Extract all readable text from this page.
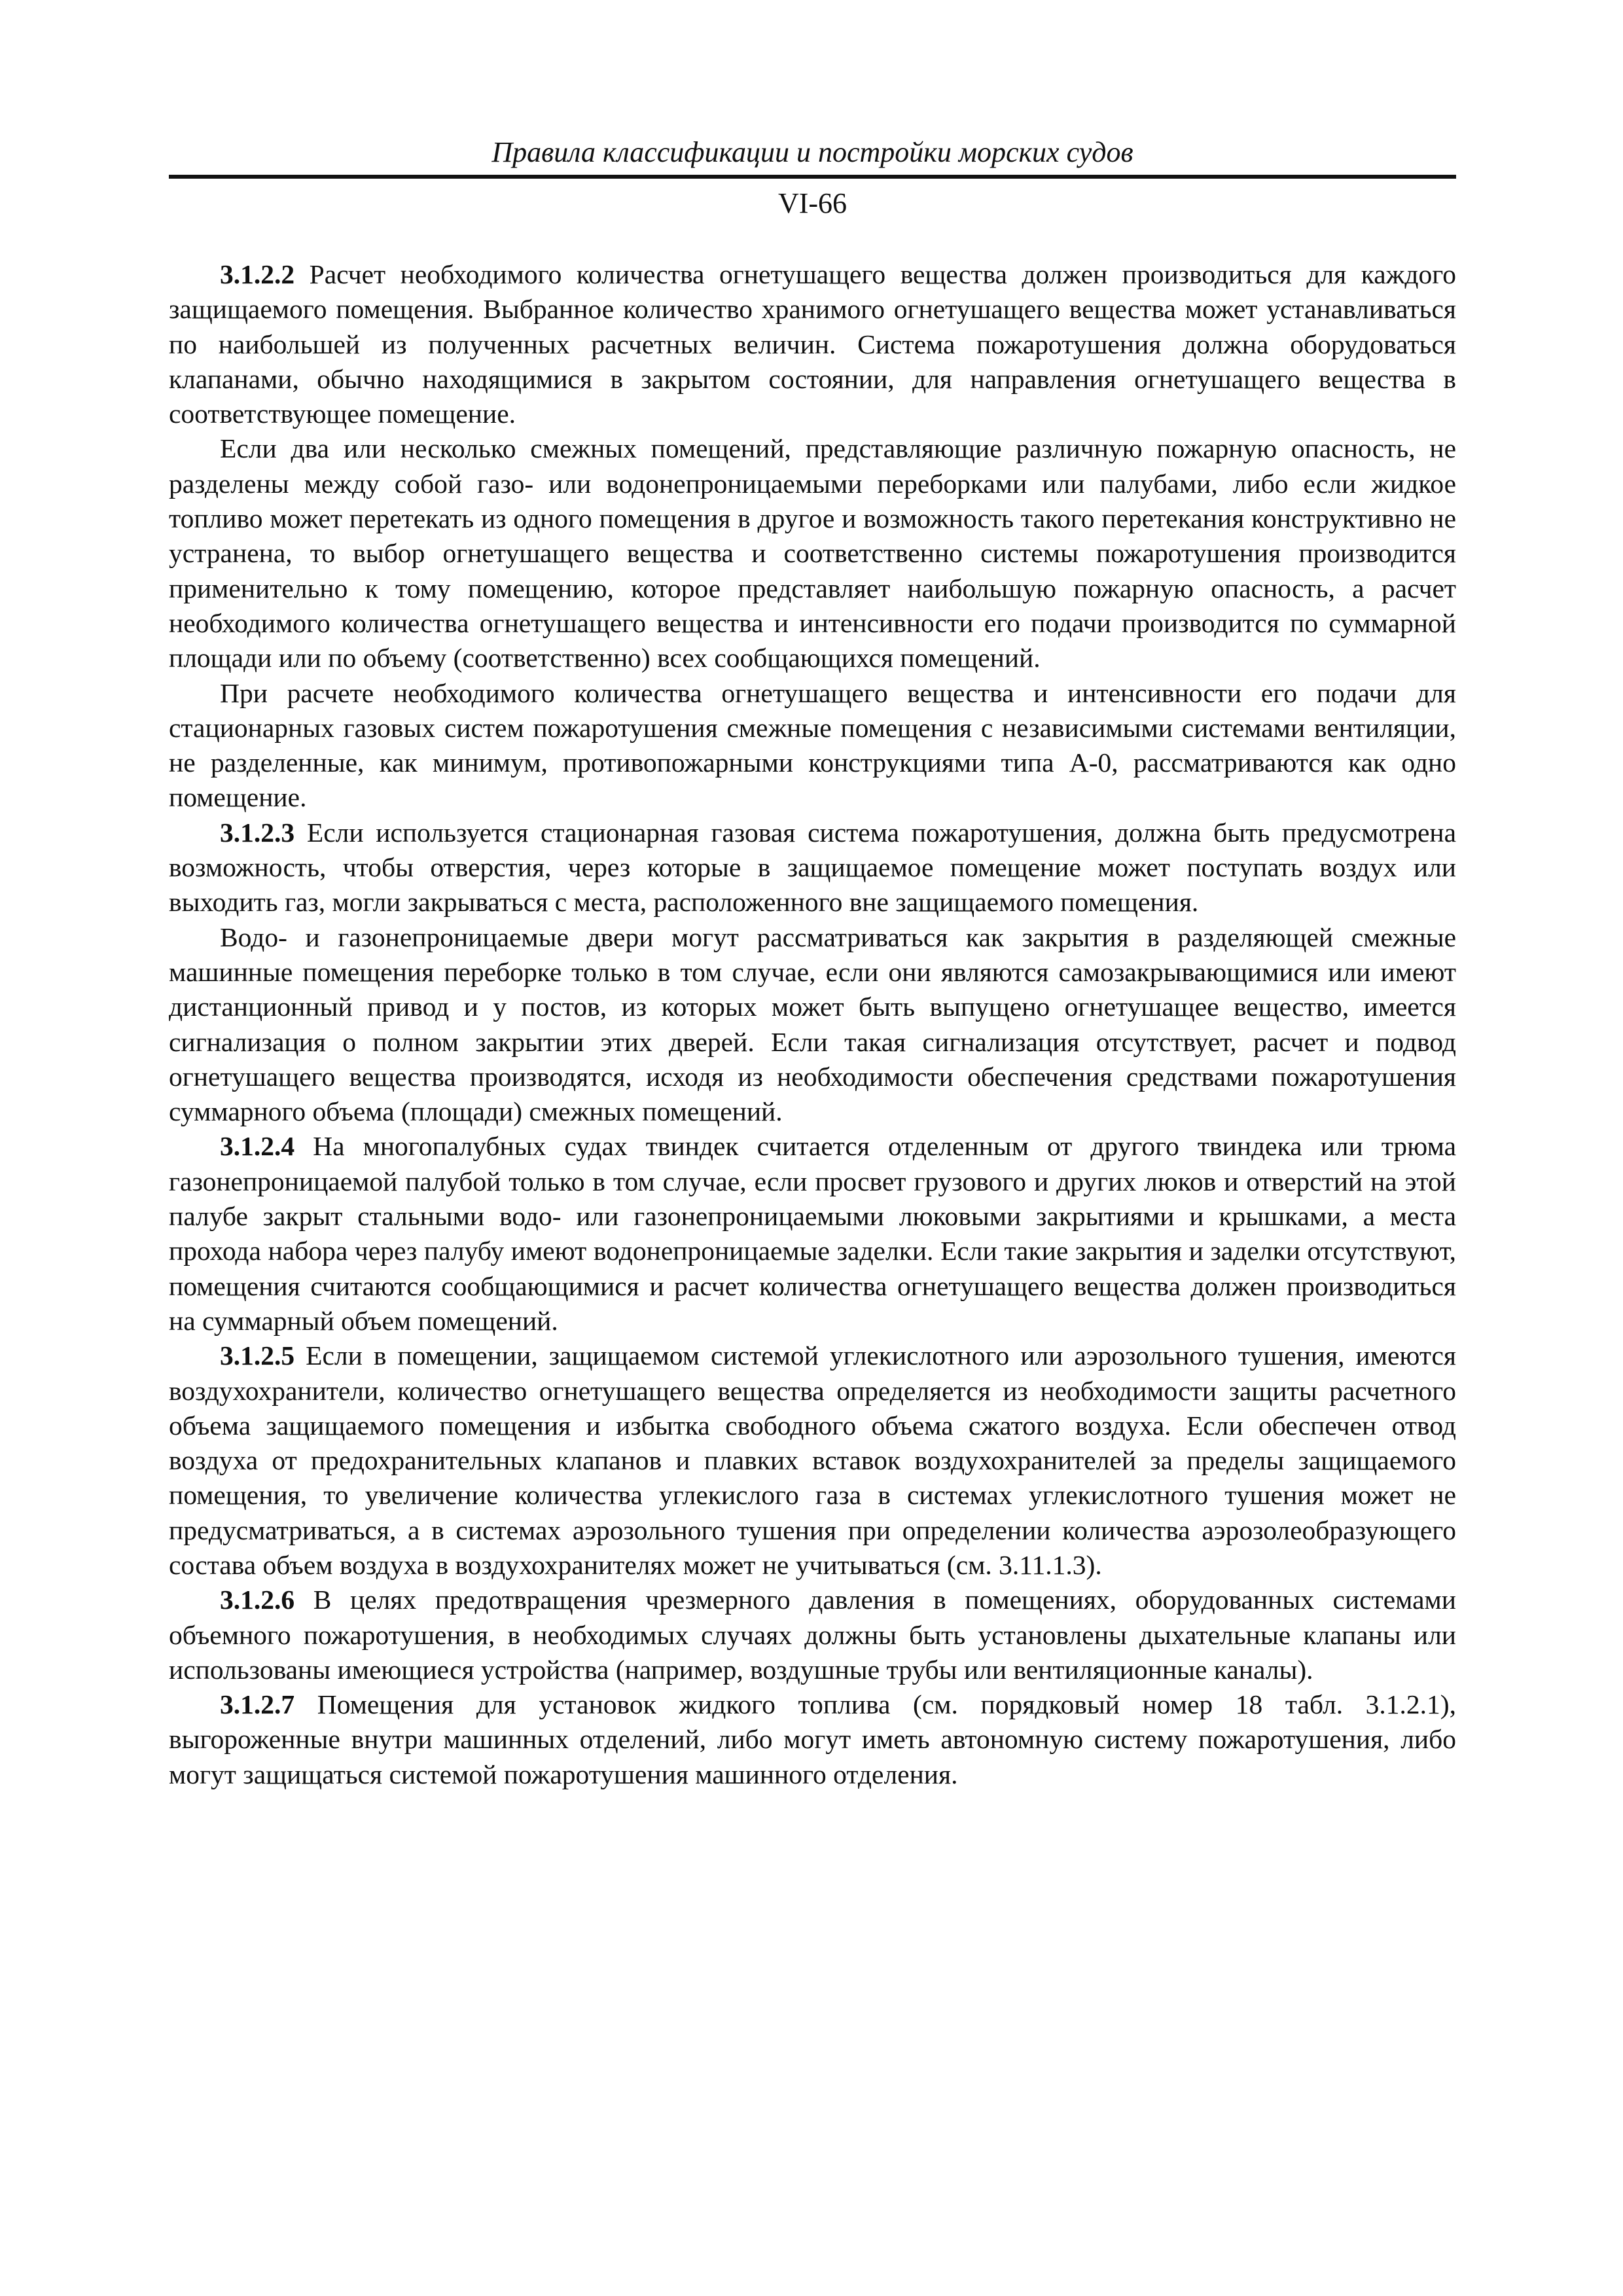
Правила классификации и постройки морских судов
VI-66

3.1.2.2 Расчет необходимого количества огнетушащего вещества должен производиться для каждого защищаемого помещения. Выбранное количество хранимого огнетушащего вещества может устанавливаться по наибольшей из полученных расчетных величин. Система пожаротушения должна оборудоваться клапанами, обычно находящимися в закрытом состоянии, для направления огнетушащего вещества в соответствующее помещение.

Если два или несколько смежных помещений, представляющие различную пожарную опасность, не разделены между собой газо- или водонепроницаемыми переборками или палубами, либо если жидкое топливо может перетекать из одного помещения в другое и возможность такого перетекания конструктивно не устранена, то выбор огнетушащего вещества и соответственно системы пожаротушения производится применительно к тому помещению, которое представляет наибольшую пожарную опасность, а расчет необходимого количества огнетушащего вещества и интенсивности его подачи производится по суммарной площади или по объему (соответственно) всех сообщающихся помещений.

При расчете необходимого количества огнетушащего вещества и интенсивности его подачи для стационарных газовых систем пожаротушения смежные помещения с независимыми системами вентиляции, не разделенные, как минимум, противопожарными конструкциями типа А-0, рассматриваются как одно помещение.

3.1.2.3 Если используется стационарная газовая система пожаротушения, должна быть предусмотрена возможность, чтобы отверстия, через которые в защищаемое помещение может поступать воздух или выходить газ, могли закрываться с места, расположенного вне защищаемого помещения.

Водо- и газонепроницаемые двери могут рассматриваться как закрытия в разделяющей смежные машинные помещения переборке только в том случае, если они являются самозакрывающимися или имеют дистанционный привод и у постов, из которых может быть выпущено огнетушащее вещество, имеется сигнализация о полном закрытии этих дверей. Если такая сигнализация отсутствует, расчет и подвод огнетушащего вещества производятся, исходя из необходимости обеспечения средствами пожаротушения суммарного объема (площади) смежных помещений.

3.1.2.4 На многопалубных судах твиндек считается отделенным от другого твиндека или трюма газонепроницаемой палубой только в том случае, если просвет грузового и других люков и отверстий на этой палубе закрыт стальными водо- или газонепроницаемыми люковыми закрытиями и крышками, а места прохода набора через палубу имеют водонепроницаемые заделки. Если такие закрытия и заделки отсутствуют, помещения считаются сообщающимися и расчет количества огнетушащего вещества должен производиться на суммарный объем помещений.

3.1.2.5 Если в помещении, защищаемом системой углекислотного или аэрозольного тушения, имеются воздухохранители, количество огнетушащего вещества определяется из необходимости защиты расчетного объема защищаемого помещения и избытка свободного объема сжатого воздуха. Если обеспечен отвод воздуха от предохранительных клапанов и плавких вставок воздухохранителей за пределы защищаемого помещения, то увеличение количества углекислого газа в системах углекислотного тушения может не предусматриваться, а в системах аэрозольного тушения при определении количества аэрозолеобразующего состава объем воздуха в воздухохранителях может не учитываться (см. 3.11.1.3).

3.1.2.6 В целях предотвращения чрезмерного давления в помещениях, оборудованных системами объемного пожаротушения, в необходимых случаях должны быть установлены дыхательные клапаны или использованы имеющиеся устройства (например, воздушные трубы или вентиляционные каналы).

3.1.2.7 Помещения для установок жидкого топлива (см. порядковый номер 18 табл. 3.1.2.1), выгороженные внутри машинных отделений, либо могут иметь автономную систему пожаротушения, либо могут защищаться системой пожаротушения машинного отделения.
